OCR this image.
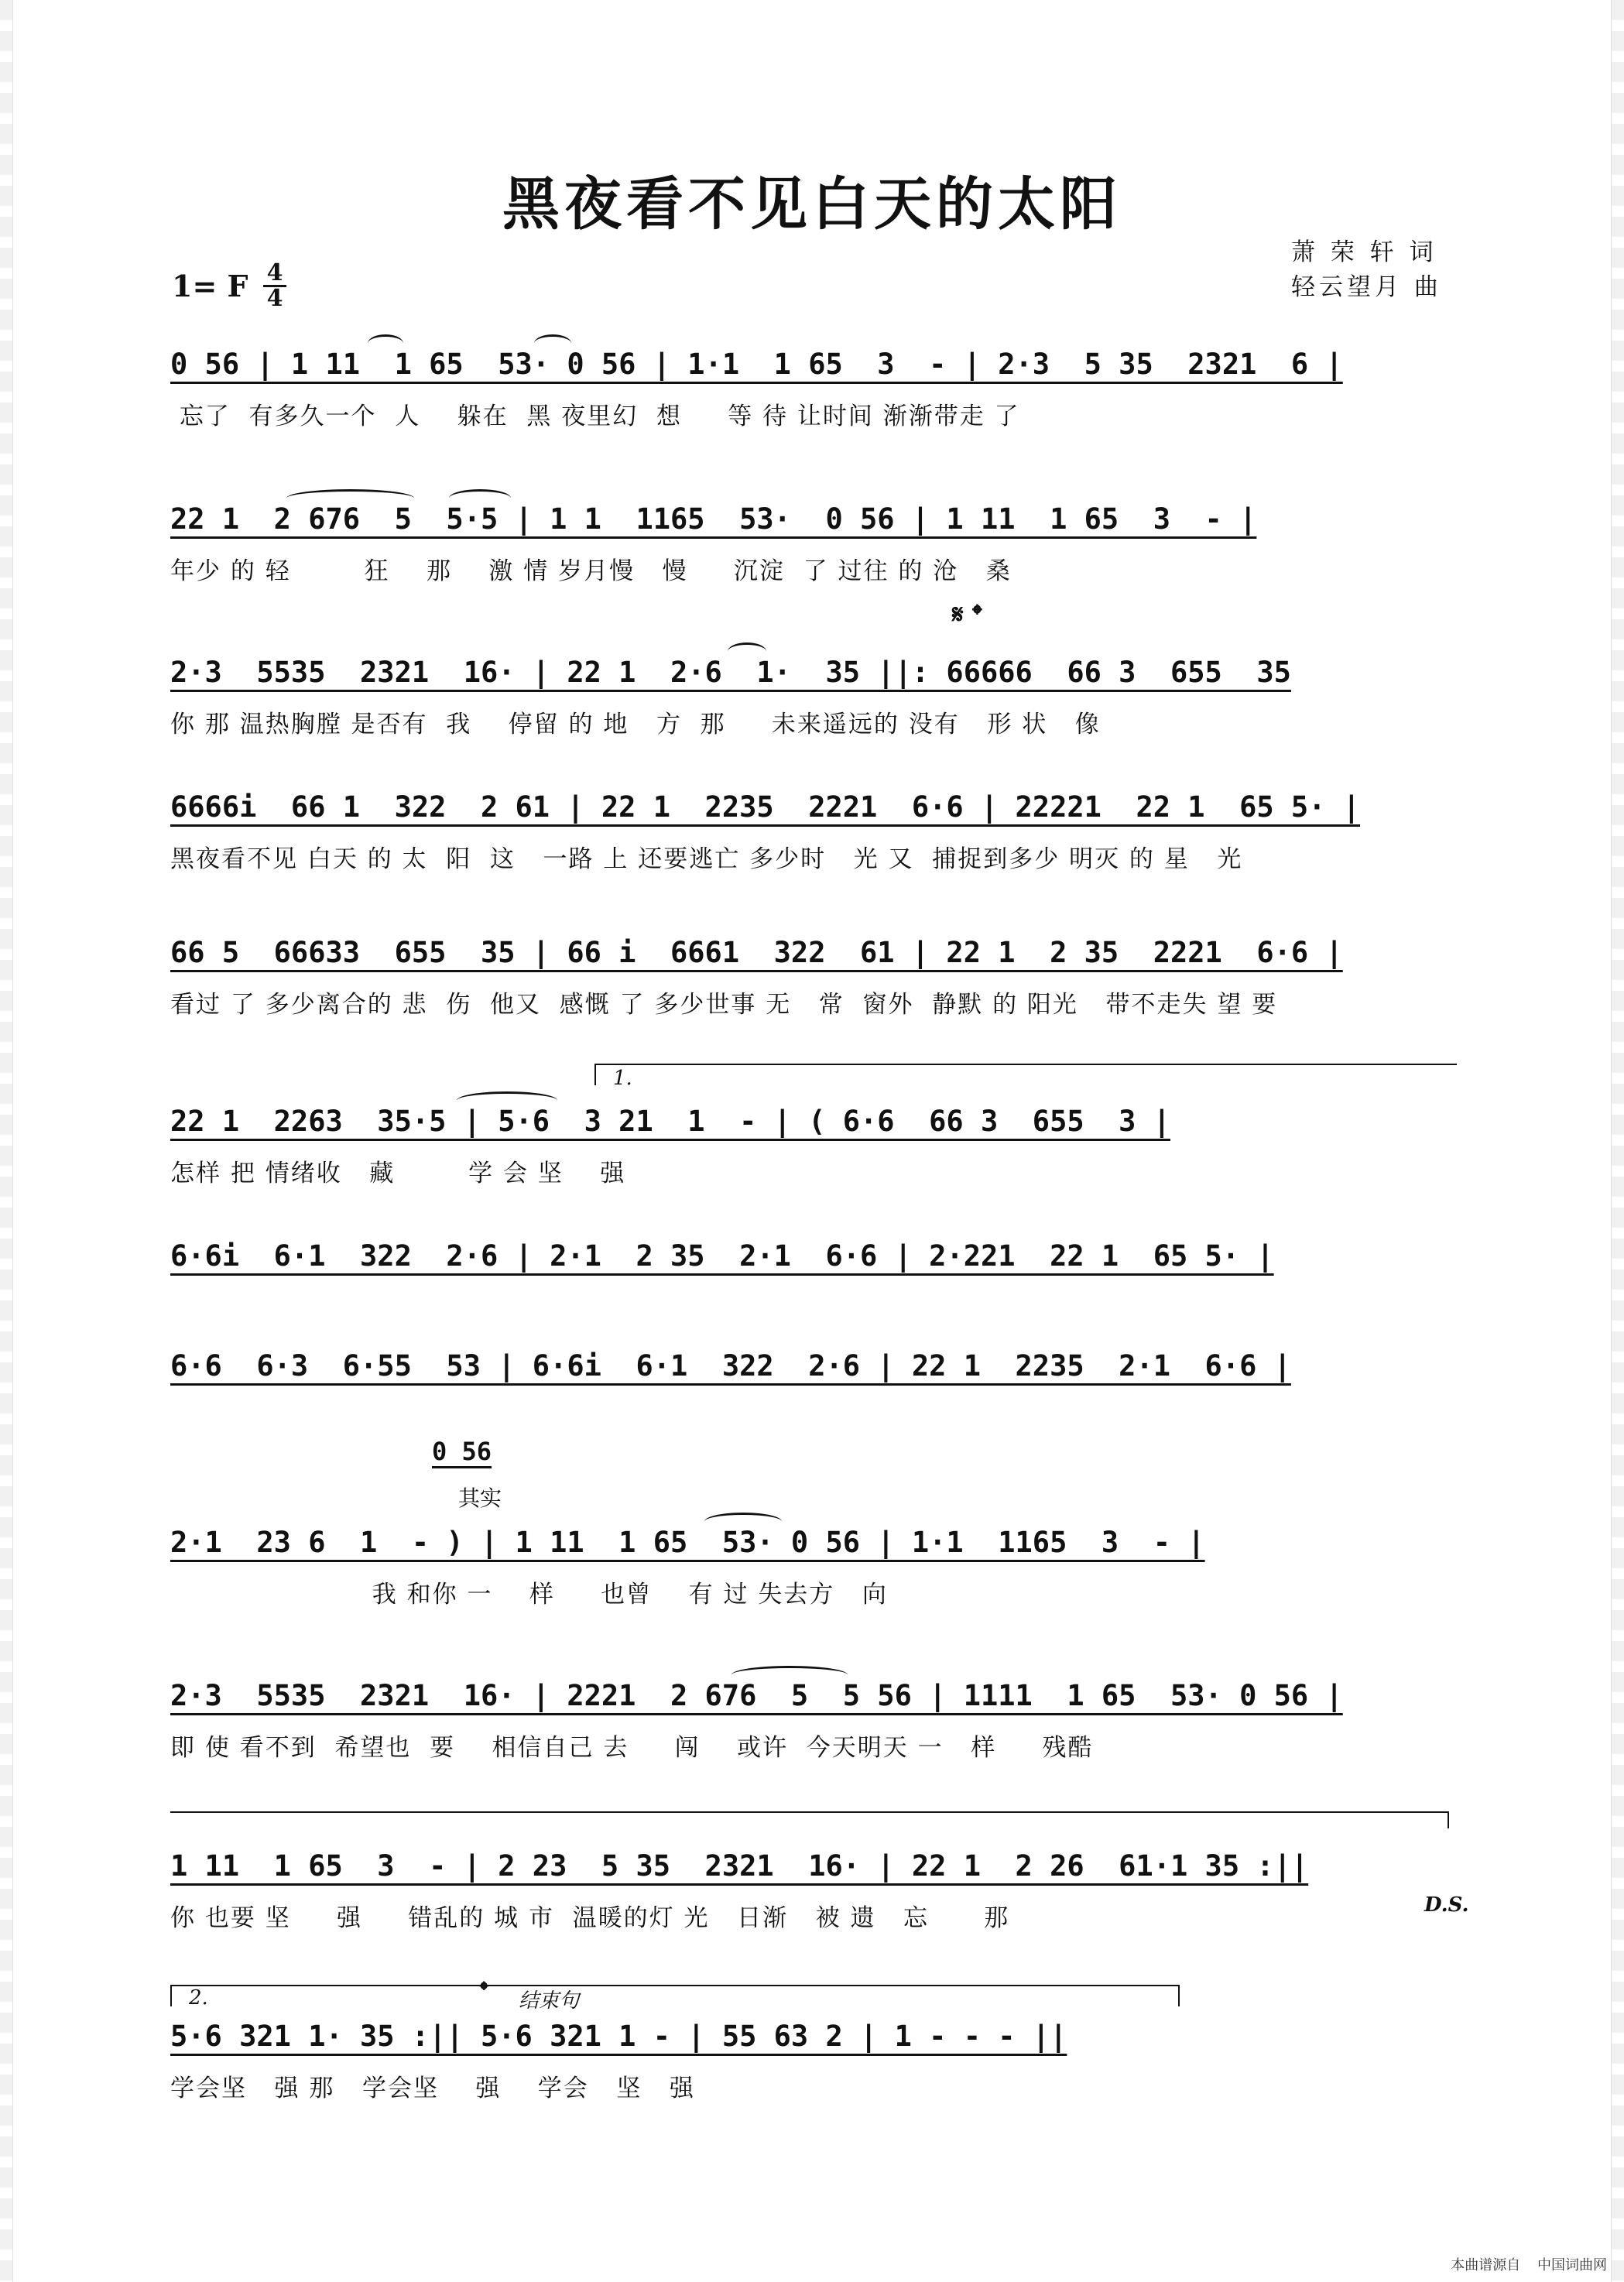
黑夜看不见白天的太阳
萧 荣 轩 词
轻云望月 曲
1= F 4
4
0 56 | 1 11  1 65  53· 0 56 | 1·1  1 65  3  - | 2·3  5 35  2321  6 |
忘了  有多久一个  人    躲在  黑 夜里幻  想     等 待 让时间 渐渐带走 了
22 1  2 676  5  5·5 | 1 1  1165  53·  0 56 | 1 11  1 65  3  - |
年少 的 轻        狂    那    激 情 岁月慢   慢     沉淀  了 过往 的 沧   桑
2·3  5535  2321  16· | 22 1  2·6  1·  35 ||: 66666  66 3  655  35
你 那 温热胸膛 是否有  我    停留 的 地   方  那     未来遥远的 没有   形 状   像
𝄋 𝄌
6666i  66 1  322  2 61 | 22 1  2235  2221  6·6 | 22221  22 1  65 5· |
黑夜看不见 白天 的 太  阳  这   一路 上 还要逃亡 多少时   光 又  捕捉到多少 明灭 的 星   光
66 5  66633  655  35 | 66 i  6661  322  61 | 22 1  2 35  2221  6·6 |
看过 了 多少离合的 悲  伤  他又  感慨 了 多少世事 无   常  窗外  静默 的 阳光   带不走失 望 要
1.
22 1  2263  35·5 | 5·6  3 21  1  - | ( 6·6  66 3  655  3 |
怎样 把 情绪收   藏        学 会 坚    强
6·6i  6·1  322  2·6 | 2·1  2 35  2·1  6·6 | 2·221  22 1  65 5· |
6·6  6·3  6·55  53 | 6·6i  6·1  322  2·6 | 22 1  2235  2·1  6·6 |
0 56
其实
2·1  23 6  1  - ) | 1 11  1 65  53· 0 56 | 1·1  1165  3  - |
我 和你 一    样     也曾    有 过 失去方   向
2·3  5535  2321  16· | 2221  2 676  5  5 56 | 1111  1 65  53· 0 56 |
即 使 看不到  希望也  要    相信自己 去     闯    或许  今天明天 一   样     残酷
1 11  1 65  3  - | 2 23  5 35  2321  16· | 22 1  2 26  61·1 35 :||
你 也要 坚     强     错乱的 城 市  温暖的灯 光   日渐   被 遗   忘      那	D.S.
2.	𝄌 结束句
5·6 321 1· 35 :|| 5·6 321 1 - | 55 63 2 | 1 - - - ||
学会坚   强 那   学会坚    强    学会   坚   强
本曲谱源自 中国词曲网
